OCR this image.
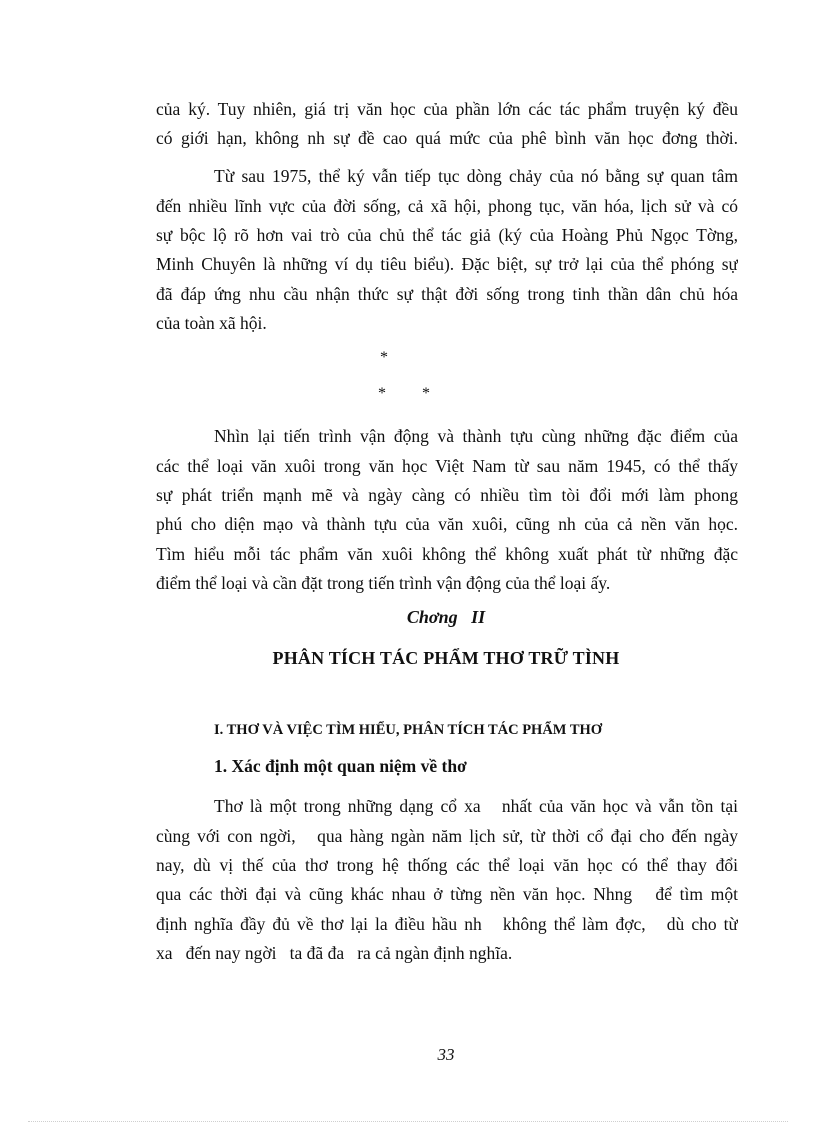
của ký. Tuy nhiên, giá trị văn học của phần lớn các tác phẩm truyện ký đều
có giới hạn, không nh sự đề cao quá mức của phê bình văn học đơng thời.
Từ sau 1975, thể ký vẫn tiếp tục dòng chảy của nó bằng sự quan tâm
đến nhiều lĩnh vực của đời sống, cả xã hội, phong tục, văn hóa, lịch sử và có
sự bộc lộ rõ hơn vai trò của chủ thể tác giả (ký của Hoàng Phủ Ngọc Tờng,
Minh Chuyên là những ví dụ tiêu biểu). Đặc biệt, sự trở lại của thể phóng sự
đã đáp ứng nhu cầu nhận thức sự thật đời sống trong tinh thần dân chủ hóa
của toàn xã hội.
*
*         *
Nhìn lại tiến trình vận động và thành tựu cùng những đặc điểm của
các thể loại văn xuôi trong văn học Việt Nam từ sau năm 1945, có thể thấy
sự phát triển mạnh mẽ và ngày càng có nhiều tìm tòi đổi mới làm phong
phú cho diện mạo và thành tựu của văn xuôi, cũng nh của cả nền văn học.
Tìm hiểu mỗi tác phẩm văn xuôi không thể không xuất phát từ những đặc
điểm thể loại và cần đặt trong tiến trình vận động của thể loại ấy.
Chơng   II
PHÂN TÍCH TÁC PHẨM THƠ TRỮ TÌNH
I. THƠ VÀ VIỆC TÌM HIỂU, PHÂN TÍCH TÁC PHẨM THƠ
1. Xác định một quan niệm về thơ
Thơ là một trong những dạng cổ xa   nhất của văn học và vẫn tồn tại
cùng với con ngời,   qua hàng ngàn năm lịch sử, từ thời cổ đại cho đến ngày
nay, dù vị thế của thơ trong hệ thống các thể loại văn học có thể thay đổi
qua các thời đại và cũng khác nhau ở từng nền văn học. Nhng   để tìm một
định nghĩa đầy đủ về thơ lại la điều hầu nh   không thể làm đợc,   dù cho từ
xa   đến nay ngời   ta đã đa   ra cả ngàn định nghĩa.
33
